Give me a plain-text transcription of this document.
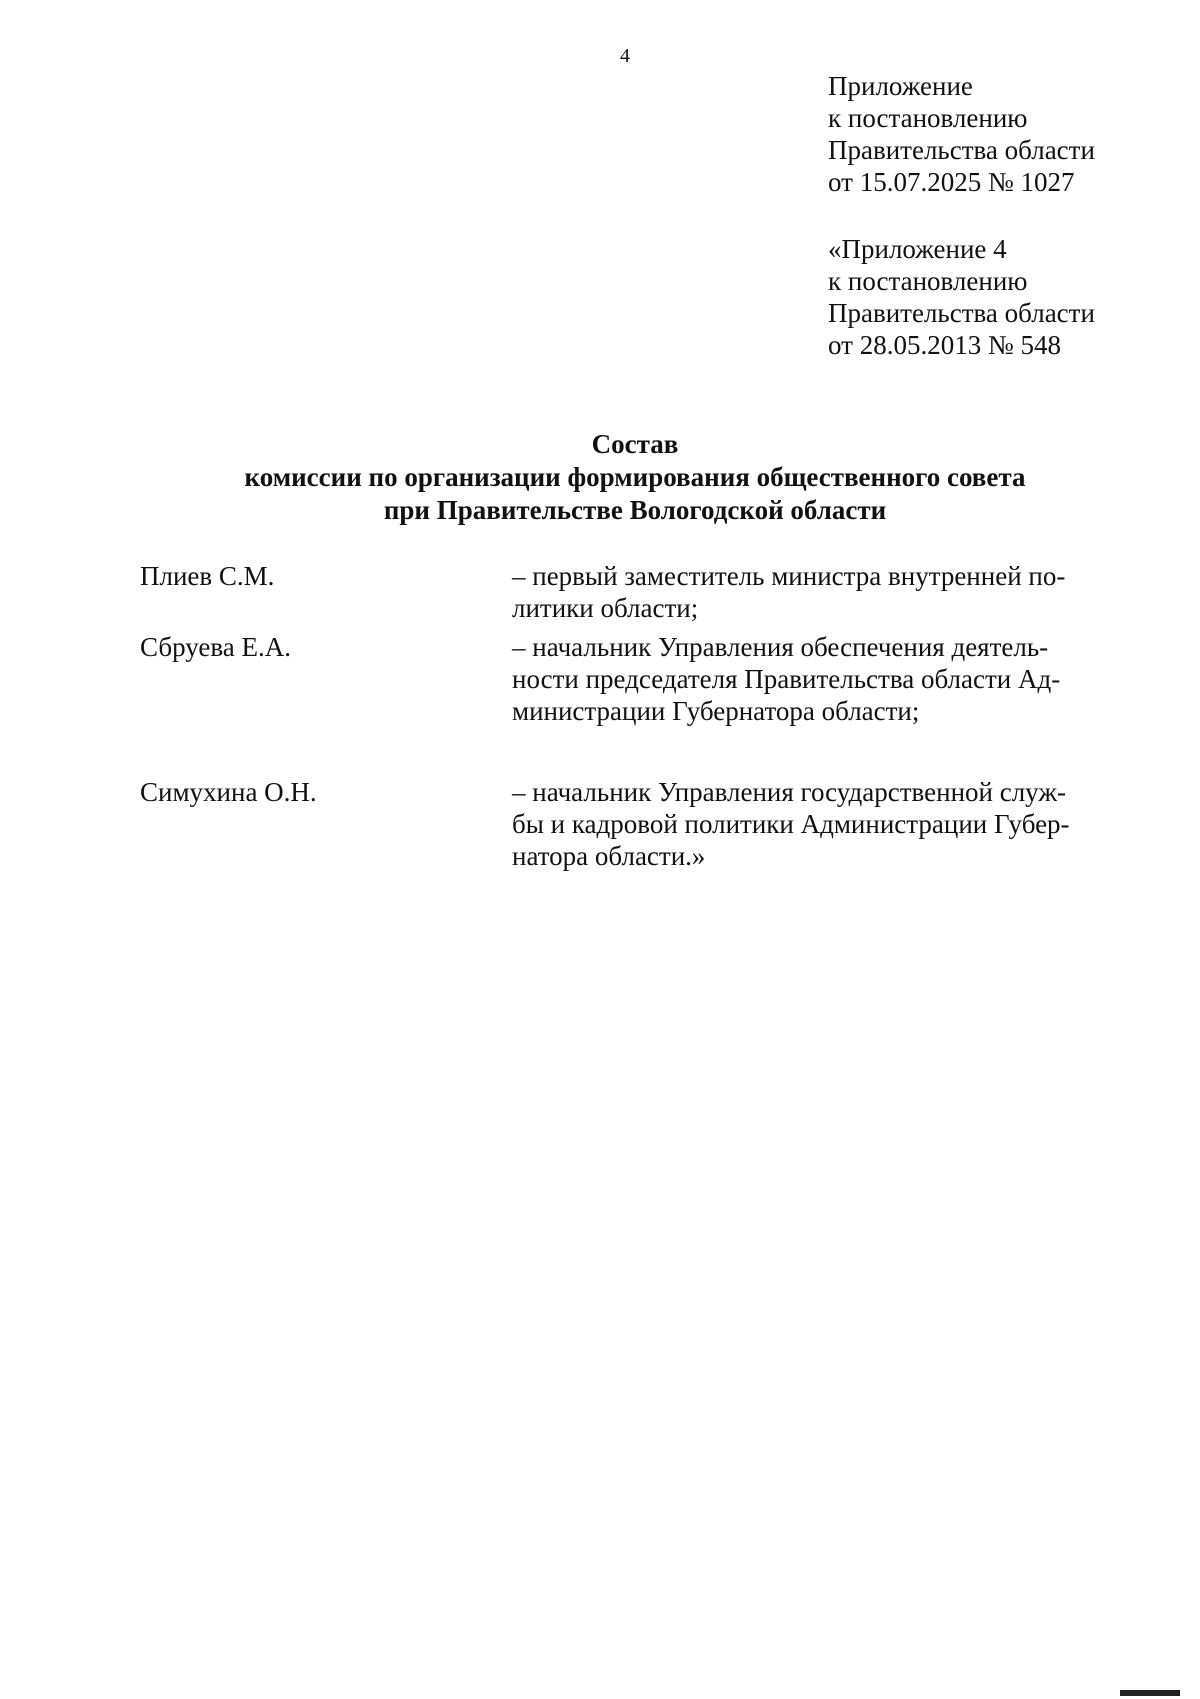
4
Приложение
к постановлению
Правительства области
от 15.07.2025 № 1027
«Приложение 4
к постановлению
Правительства области
от 28.05.2013 № 548
Состав
комиссии по организации формирования общественного совета
при Правительстве Вологодской области
Плиев С.М.	– первый заместитель министра внутренней по-
литики области;
Сбруева Е.А.	– начальник Управления обеспечения деятель-
ности председателя Правительства области Ад-
министрации Губернатора области;
Симухина О.Н.	– начальник Управления государственной служ-
бы и кадровой политики Администрации Губер-
натора области.»
